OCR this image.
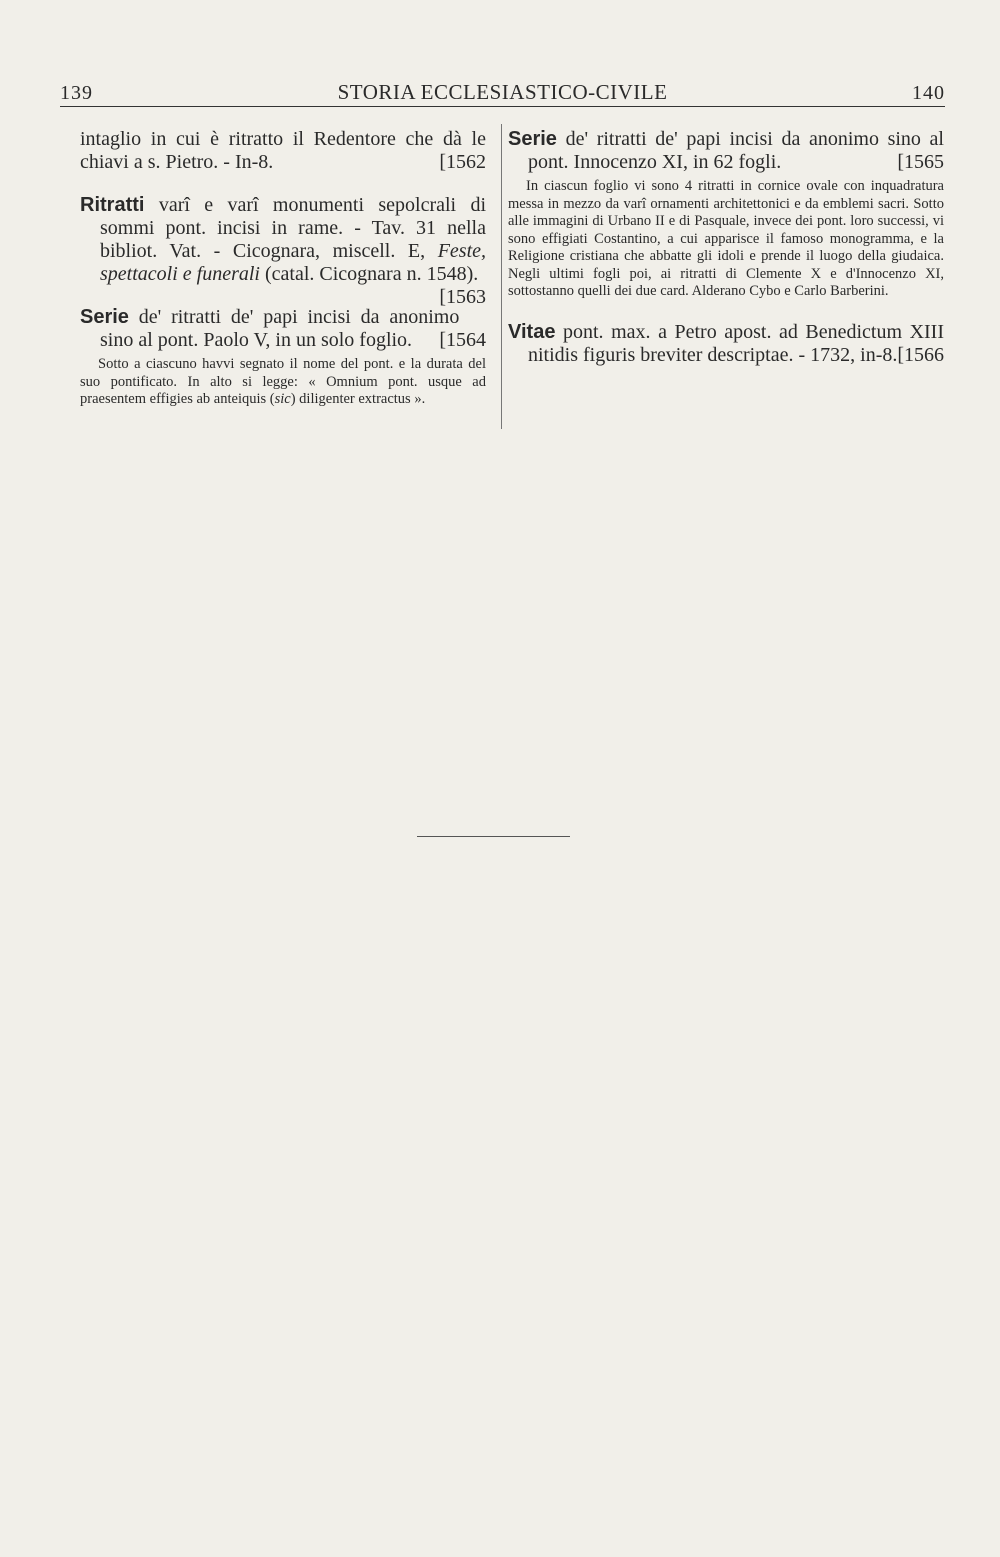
139	STORIA ECCLESIASTICO-CIVILE	140

intaglio in cui è ritratto il Redentore che dà le chiavi a s. Pietro. - In-8.	[1562

Ritratti varî e varî monumenti sepolcrali di sommi pont. incisi in rame. - Tav. 31 nella bibliot. Vat. - Cicognara, miscell. E, Feste, spettacoli e funerali (catal. Cicognara n. 1548).
[1563

Serie de' ritratti de' papi incisi da anonimo sino al pont. Paolo V, in un solo foglio. [1564

Sotto a ciascuno havvi segnato il nome del pont. e la durata del suo pontificato. In alto si legge: « Omnium pont. usque ad praesentem effigies ab anteiquis (sic) diligenter extractus ».

Serie de' ritratti de' papi incisi da anonimo sino al pont. Innocenzo XI, in 62 fogli.	[1565

In ciascun foglio vi sono 4 ritratti in cornice ovale con inquadratura messa in mezzo da varî ornamenti architettonici e da emblemi sacri. Sotto alle immagini di Urbano II e di Pasquale, invece dei pont. loro successi, vi sono effigiati Costantino, a cui apparisce il famoso monogramma, e la Religione cristiana che abbatte gli idoli e prende il luogo della giudaica. Negli ultimi fogli poi, ai ritratti di Clemente X e d'Innocenzo XI, sottostanno quelli dei due card. Alderano Cybo e Carlo Barberini.

Vitae pont. max. a Petro apost. ad Benedictum XIII nitidis figuris breviter descriptae. - 1732, in-8. [1566
